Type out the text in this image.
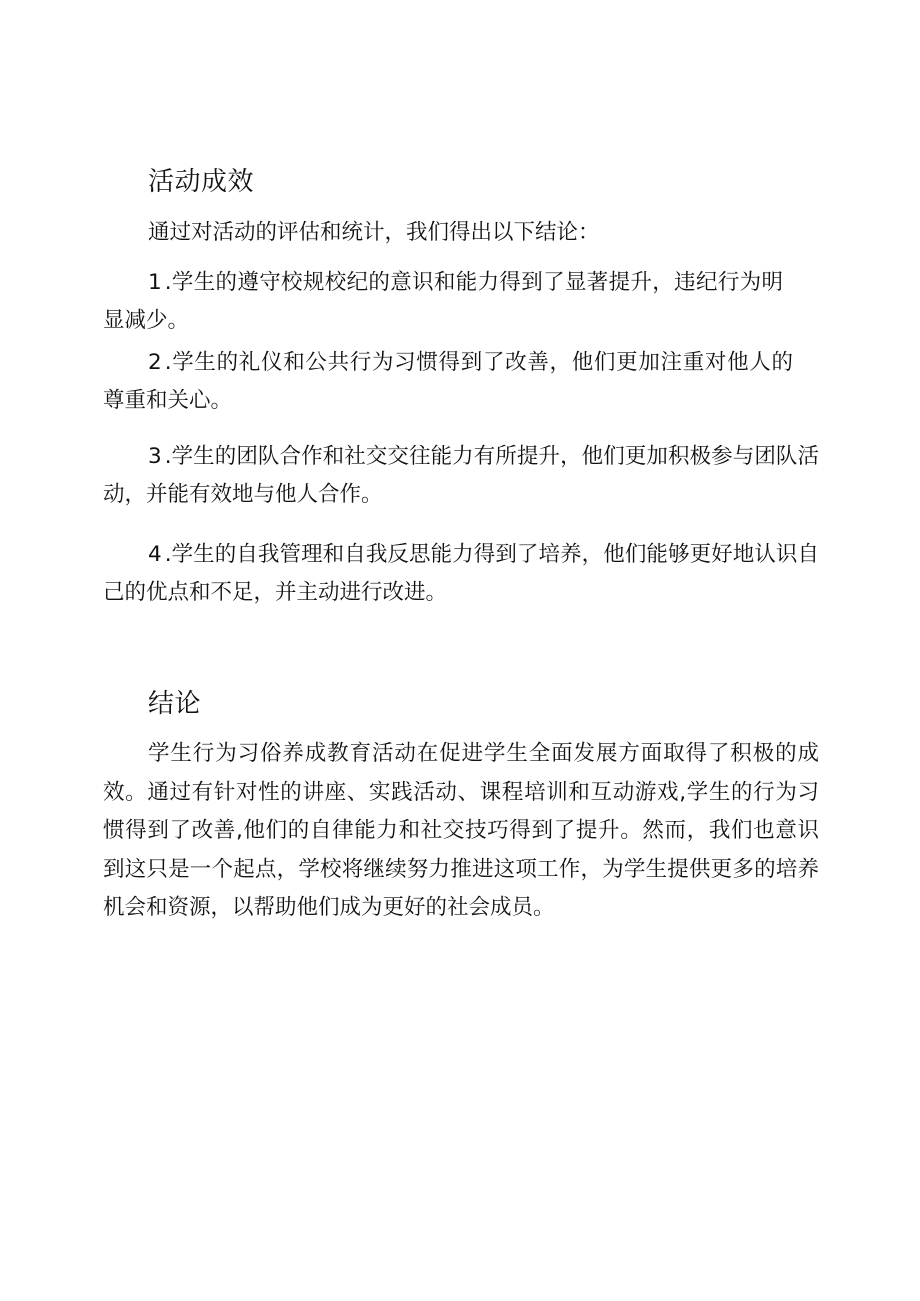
活动成效

通过对活动的评估和统计，我们得出以下结论：

1.学生的遵守校规校纪的意识和能力得到了显著提升，违纪行为明显减少。

2.学生的礼仪和公共行为习惯得到了改善，他们更加注重对他人的尊重和关心。

3.学生的团队合作和社交交往能力有所提升，他们更加积极参与团队活动，并能有效地与他人合作。

4.学生的自我管理和自我反思能力得到了培养，他们能够更好地认识自己的优点和不足，并主动进行改进。

结论

学生行为习俗养成教育活动在促进学生全面发展方面取得了积极的成效。通过有针对性的讲座、实践活动、课程培训和互动游戏,学生的行为习惯得到了改善,他们的自律能力和社交技巧得到了提升。然而，我们也意识到这只是一个起点，学校将继续努力推进这项工作，为学生提供更多的培养机会和资源，以帮助他们成为更好的社会成员。
